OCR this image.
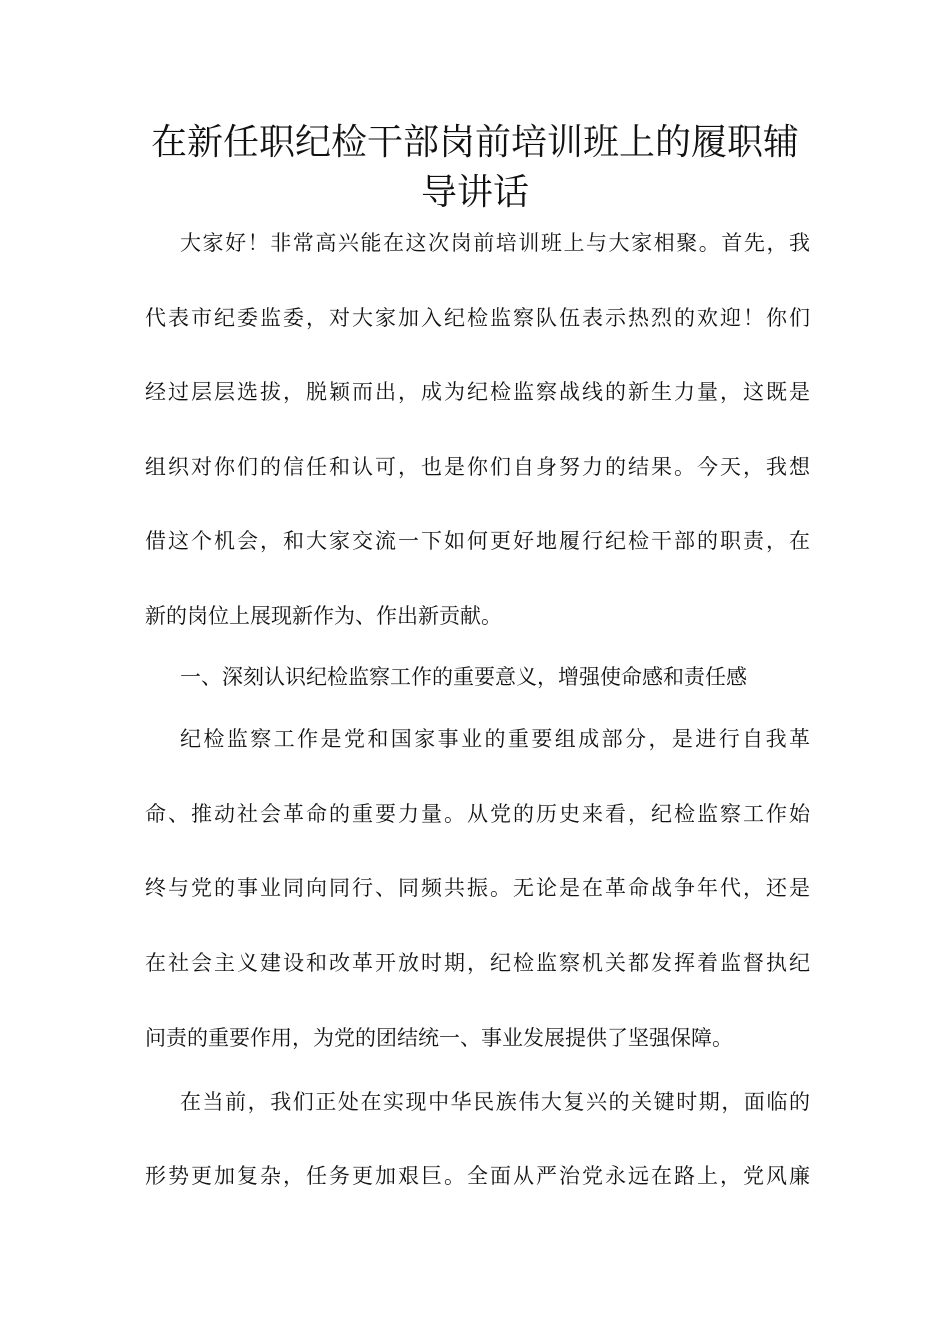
在新任职纪检干部岗前培训班上的履职辅
导讲话
大家好！非常高兴能在这次岗前培训班上与大家相聚。首先，我
代表市纪委监委，对大家加入纪检监察队伍表示热烈的欢迎！你们
经过层层选拔，脱颖而出，成为纪检监察战线的新生力量，这既是
组织对你们的信任和认可，也是你们自身努力的结果。今天，我想
借这个机会，和大家交流一下如何更好地履行纪检干部的职责，在
新的岗位上展现新作为、作出新贡献。
一、深刻认识纪检监察工作的重要意义，增强使命感和责任感
纪检监察工作是党和国家事业的重要组成部分，是进行自我革
命、推动社会革命的重要力量。从党的历史来看，纪检监察工作始
终与党的事业同向同行、同频共振。无论是在革命战争年代，还是
在社会主义建设和改革开放时期，纪检监察机关都发挥着监督执纪
问责的重要作用，为党的团结统一、事业发展提供了坚强保障。
在当前，我们正处在实现中华民族伟大复兴的关键时期，面临的
形势更加复杂，任务更加艰巨。全面从严治党永远在路上，党风廉
